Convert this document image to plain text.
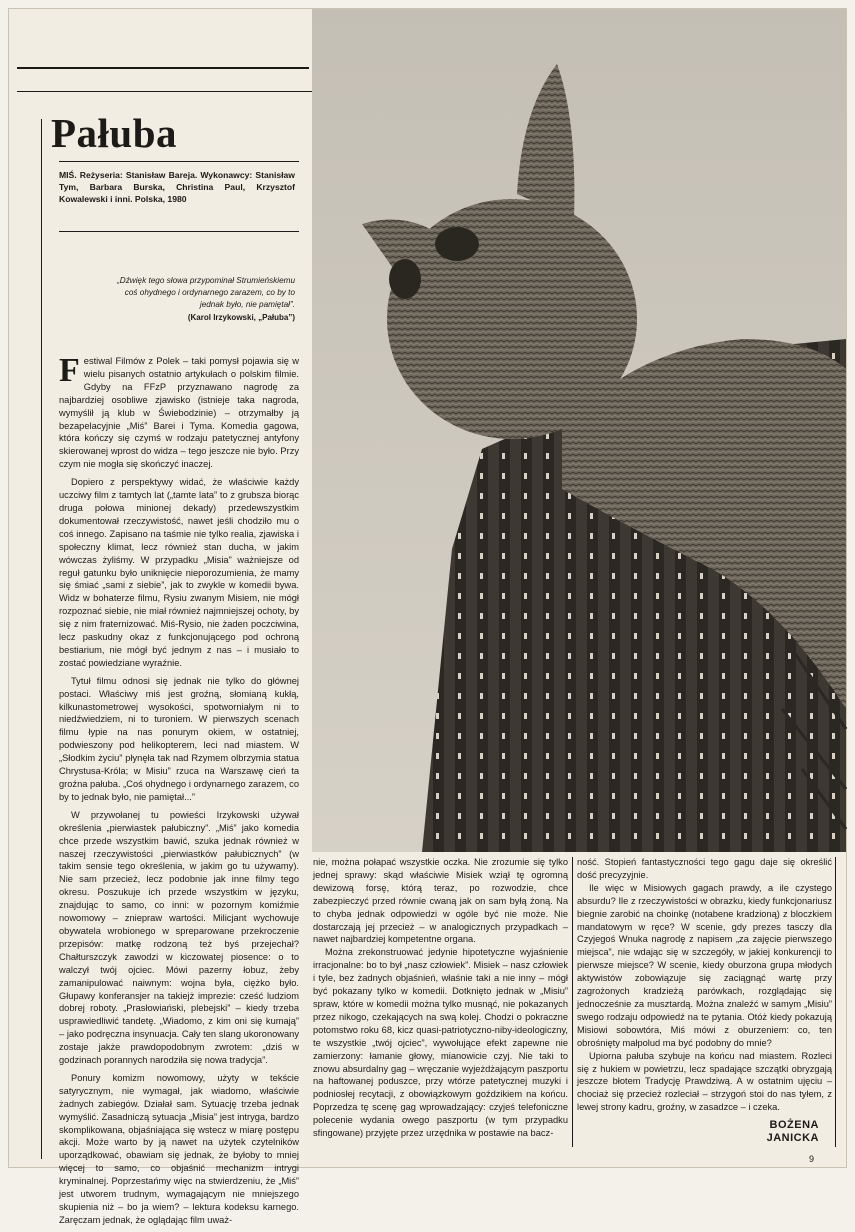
Pałuba
MIŚ. Reżyseria: Stanisław Bareja. Wykonawcy: Stanisław Tym, Barbara Burska, Christina Paul, Krzysztof Kowalewski i inni. Polska, 1980
„Dźwięk tego słowa przypominał Strumieńskiemu coś ohydnego i ordynarnego zarazem, co by to jednak było, nie pamiętał”.
(Karol Irzykowski, „Pałuba”)

Festiwal Filmów z Polek – taki pomysł pojawia się w wielu pisanych ostatnio artykułach o polskim filmie. Gdyby na FFzP przyznawano nagrodę za najbardziej osobliwe zjawisko (istnieje taka nagroda, wymyślił ją klub w Świebodzinie) – otrzymałby ją bezapelacyjnie „Miś” Barei i Tyma. Komedia gagowa, która kończy się czymś w rodzaju patetycznej antyfony skierowanej wprost do widza – tego jeszcze nie było. Przy czym nie mogła się skończyć inaczej.

Dopiero z perspektywy widać, że właściwie każdy uczciwy film z tamtych lat („tamte lata” to z grubsza biorąc druga połowa minionej dekady) przedewszystkim dokumentował rzeczywistość, nawet jeśli chodziło mu o coś innego. Zapisano na taśmie nie tylko realia, zjawiska i społeczny klimat, lecz również stan ducha, w jakim wówczas żyliśmy. W przypadku „Misia” ważniejsze od reguł gatunku było uniknięcie nieporozumienia, że mamy się śmiać „sami z siebie”, jak to zwykle w komedii bywa. Widz w bohaterze filmu, Rysiu zwanym Misiem, nie mógł rozpoznać siebie, nie miał również najmniejszej ochoty, by się z nim fraternizować. Miś-Rysio, nie żaden poczciwina, lecz paskudny okaz z funkcjonującego pod ochroną bestiarium, nie mógł być jednym z nas – i musiało to zostać powiedziane wyraźnie.

Tytuł filmu odnosi się jednak nie tylko do głównej postaci. Właściwy miś jest groźną, słomianą kukłą, kilkunastometrowej wysokości, spotworniałym ni to niedźwiedziem, ni to turoniem. W pierwszych scenach filmu łypie na nas ponurym okiem, w ostatniej, podwieszony pod helikopterem, leci nad miastem. W „Słodkim życiu” płynęła tak nad Rzymem olbrzymia statua Chrystusa-Króla; w Misiu” rzuca na Warszawę cień ta groźna pałuba. „Coś ohydnego i ordynarnego zarazem, co by to jednak było, nie pamiętał...”

W przywołanej tu powieści Irzykowski używał określenia „pierwiastek pałubiczny”. „Miś” jako komedia chce przede wszystkim bawić, szuka jednak również w naszej rzeczywistości „pierwiastków pałubicznych” (w takim sensie tego określenia, w jakim go tu używamy). Nie sam przecież, lecz podobnie jak inne filmy tego okresu. Poszukuje ich przede wszystkim w języku, znajdując to samo, co inni: w pozornym komiźmie nowomowy – zniepraw wartości. Milicjant wychowuje obywatela wrobionego w spreparowane przekroczenie przepisów: matkę rodzoną też byś przejechał? Chałturszczyk zawodzi w kiczowatej piosence: o to walczył twój ojciec. Mówi pazerny łobuz, żeby zamanipulować naiwnym: wojna była, ciężko było. Głupawy konferansjer na takiejż imprezie: cześć ludziom dobrej roboty. „Prasłowiański, plebejski” – kiedy trzeba usprawiedliwić tandetę. „Wiadomo, z kim oni się kumają” – jako podręczna insynuacja. Cały ten slang ukoronowany zostaje jakże prawdopodobnym zwrotem: „dziś w godzinach porannych narodziła się nowa tradycja”.

Ponury komizm nowomowy, użyty w tekście satyrycznym, nie wymagał, jak wiadomo, właściwie żadnych zabiegów. Działał sam. Sytuację trzeba jednak wymyślić. Zasadniczą sytuacja „Misia” jest intryga, bardzo skomplikowana, objaśniająca się wstecz w miarę postępu akcji. Może warto by ją nawet na użytek czytelników uporządkować, obawiam się jednak, że byłoby to mniej więcej to samo, co objaśnić mechanizm intrygi kryminalnej. Poprzestańmy więc na stwierdzeniu, że „Miś” jest utworem trudnym, wymagającym nie mniejszego skupienia niż – bo ja wiem? – lektura kodeksu karnego. Zaręczam jednak, że oglądając film uważ-

nie, można połapać wszystkie oczka. Nie zrozumie się tylko jednej sprawy: skąd właściwie Misiek wziął tę ogromną dewizową forsę, którą teraz, po rozwodzie, chce zabezpieczyć przed równie cwaną jak on sam byłą żoną. Na to chyba jednak odpowiedzi w ogóle być nie może. Nie dostarczają jej przecież – w analogicznych przypadkach – nawet najbardziej kompetentne organa.

Można zrekonstruować jedynie hipotetyczne wyjaśnienie irracjonalne: bo to był „nasz człowiek”. Misiek – nasz człowiek i tyle, bez żadnych objaśnień, właśnie taki a nie inny – mógł być pokazany tylko w komedii. Dotknięto jednak w „Misiu” spraw, które w komedii można tylko musnąć, nie pokazanych przez nikogo, czekających na swą kolej. Chodzi o pokraczne potomstwo roku 68, kicz quasi-patriotyczno-niby-ideologiczny, te wszystkie „twój ojciec”, wywołujące efekt zapewne nie zamierzony: łamanie głowy, mianowicie czyj. Nie taki to znowu absurdalny gag – wręczanie wyjeżdżającym paszportu na haftowanej poduszce, przy wtórze patetycznej muzyki i podniosłej recytacji, z obowiązkowym goździkiem na końcu. Poprzedza tę scenę gag wprowadzający: czyjeś telefoniczne polecenie wydania owego paszportu (w tym przypadku sfingowane) przyjęte przez urzędnika w postawie na bacz-

ność. Stopień fantastyczności tego gagu daje się określić dość precyzyjnie.

Ile więc w Misiowych gagach prawdy, a ile czystego absurdu? Ile z rzeczywistości w obrazku, kiedy funkcjonariusz biegnie zarobić na choinkę (notabene kradzioną) z bloczkiem mandatowym w ręce? W scenie, gdy prezes tasczy dla Czyjegoś Wnuka nagrodę z napisem „za zajęcie pierwszego miejsca”, nie wdając się w szczegóły, w jakiej konkurencji to pierwsze miejsce? W scenie, kiedy oburzona grupa młodych aktywistów zobowiązuje się zaciągnąć wartę przy zagrożonych kradzieżą parówkach, rozglądając się jednocześnie za musztardą. Można znaleźć w samym „Misiu” swego rodzaju odpowiedź na te pytania. Otóż kiedy pokazują Misiowi sobowtóra, Miś mówi z oburzeniem: co, ten obrośnięty małpolud ma być podobny do mnie?

Upiorna pałuba szybuje na końcu nad miastem. Rozleci się z hukiem w powietrzu, lecz spadające szczątki obryzgają jeszcze błotem Tradycję Prawdziwą. A w ostatnim ujęciu – chociaż się przecież rozleciał – strzygoń stoi do nas tyłem, z lewej strony kadru, groźny, w zasadzce – i czeka.

BOŻENA
JANICKA
9
